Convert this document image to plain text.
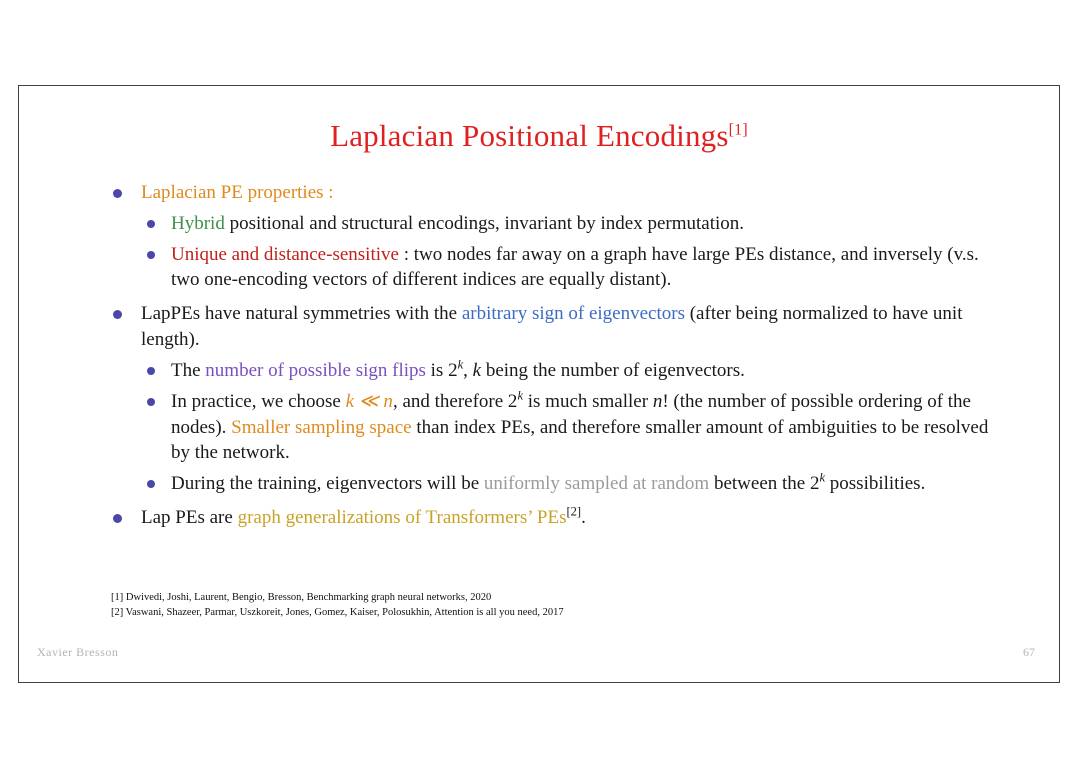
Laplacian Positional Encodings[1]
Laplacian PE properties :
Hybrid positional and structural encodings, invariant by index permutation.
Unique and distance-sensitive : two nodes far away on a graph have large PEs distance, and inversely (v.s. two one-encoding vectors of different indices are equally distant).
LapPEs have natural symmetries with the arbitrary sign of eigenvectors (after being normalized to have unit length).
The number of possible sign flips is 2$^k$, k being the number of eigenvectors.
In practice, we choose k ≪ n, and therefore 2$^k$ is much smaller n! (the number of possible ordering of the nodes). Smaller sampling space than index PEs, and therefore smaller amount of ambiguities to be resolved by the network.
During the training, eigenvectors will be uniformly sampled at random between the 2$^k$ possibilities.
Lap PEs are graph generalizations of Transformers’ PEs[2].
[1] Dwivedi, Joshi, Laurent, Bengio, Bresson, Benchmarking graph neural networks, 2020
[2] Vaswani, Shazeer, Parmar, Uszkoreit, Jones, Gomez, Kaiser, Polosukhin, Attention is all you need, 2017
Xavier Bresson	67
